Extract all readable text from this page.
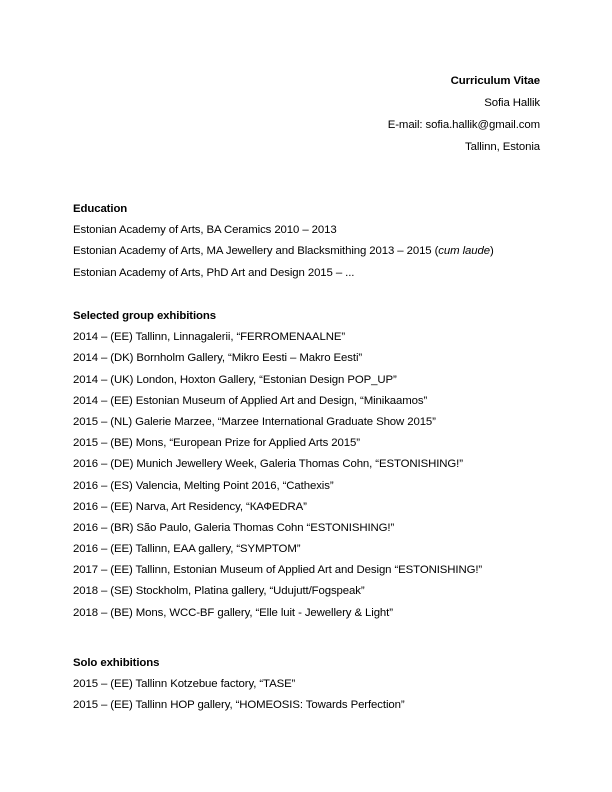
Curriculum Vitae
Sofia Hallik
E-mail: sofia.hallik@gmail.com
Tallinn, Estonia
Education
Estonian Academy of Arts, BA Ceramics 2010 – 2013
Estonian Academy of Arts, MA Jewellery and Blacksmithing 2013 – 2015 (cum laude)
Estonian Academy of Arts, PhD Art and Design 2015 – ...
Selected group exhibitions
2014 – (EE) Tallinn, Linnagalerii, “FERROMENAALNE”
2014 – (DK) Bornholm Gallery, “Mikro Eesti – Makro Eesti”
2014 – (UK) London, Hoxton Gallery, “Estonian Design POP_UP”
2014 – (EE) Estonian Museum of Applied Art and Design, “Minikaamos”
2015 – (NL) Galerie Marzee, “Marzee International Graduate Show 2015”
2015 – (BE) Mons, “European Prize for Applied Arts 2015”
2016 – (DE) Munich Jewellery Week, Galeria Thomas Cohn, “ESTONISHING!”
2016 – (ES) Valencia, Melting Point 2016, “Cathexis”
2016 – (EE) Narva, Art Residency, “КАФEDRA”
2016 – (BR) São Paulo, Galeria Thomas Cohn “ESTONISHING!”
2016 – (EE) Tallinn, EAA gallery, “SYMPTOM”
2017 – (EE) Tallinn, Estonian Museum of Applied Art and Design “ESTONISHING!”
2018 – (SE) Stockholm, Platina gallery, “Udujutt/Fogspeak”
2018 – (BE) Mons, WCC-BF gallery, “Elle luit - Jewellery & Light”
Solo exhibitions
2015 – (EE) Tallinn Kotzebue factory, “TASE”
2015 – (EE) Tallinn HOP gallery, “HOMEOSIS: Towards Perfection”
